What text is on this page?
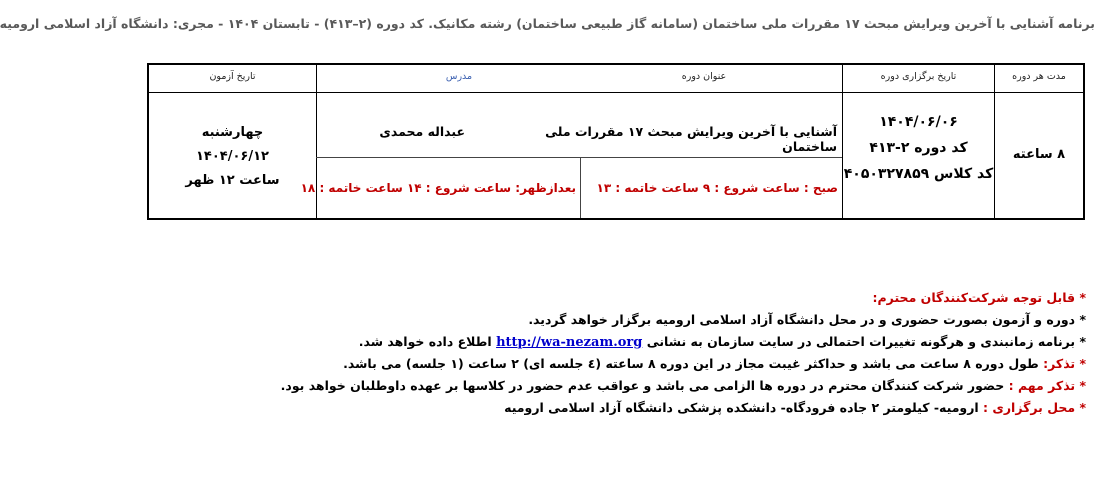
برنامه آشنایی با آخرین ویرایش مبحث ۱۷ مقررات ملی ساختمان (سامانه گاز طبیعی ساختمان) رشته مکانیک. کد دوره (۲–۴۱۳) - تابستان ۱۴۰۴ - مجری: دانشگاه آزاد اسلامی ارومیه
مدت هر دوره
تاریخ برگزاری دوره
عنوان دوره
مدرس
تاریخ آزمون
۸ ساعته
۱۴۰۴/۰۶/۰۶
کد دوره ۲-۴۱۳
کد کلاس ۴۰۵۰۳۲۷۸۵۹
آشنایی با آخرین ویرایش مبحث ۱۷ مقررات ملی ساختمان
عبداله محمدی
صبح : ساعت شروع : ۹ ساعت خاتمه : ۱۳
بعدازظهر: ساعت شروع : ۱۴ ساعت خاتمه : ۱۸
چهارشنبه
۱۴۰۴/۰۶/۱۲
ساعت ۱۲ ظهر
* قابل توجه شرکت‌کنندگان محترم:
* دوره و آزمون بصورت حضوری و در محل دانشگاه آزاد اسلامی ارومیه برگزار خواهد گردید.
* برنامه زمانبندی و هرگونه تغییرات احتمالی در سایت سازمان به نشانی http://wa-nezam.org اطلاع داده خواهد شد.
* تذکر: طول دوره ۸ ساعت می باشد و حداکثر غیبت مجاز در این دوره ۸ ساعته (٤ جلسه ای) ۲ ساعت (۱ جلسه) می باشد.
* تذکر مهم : حضور شرکت کنندگان محترم در دوره ها الزامی می باشد و عواقب عدم حضور در کلاسها بر عهده داوطلبان خواهد بود.
* محل برگزاری : ارومیه- کیلومتر ۲ جاده فرودگاه- دانشکده پزشکی دانشگاه آزاد اسلامی ارومیه
